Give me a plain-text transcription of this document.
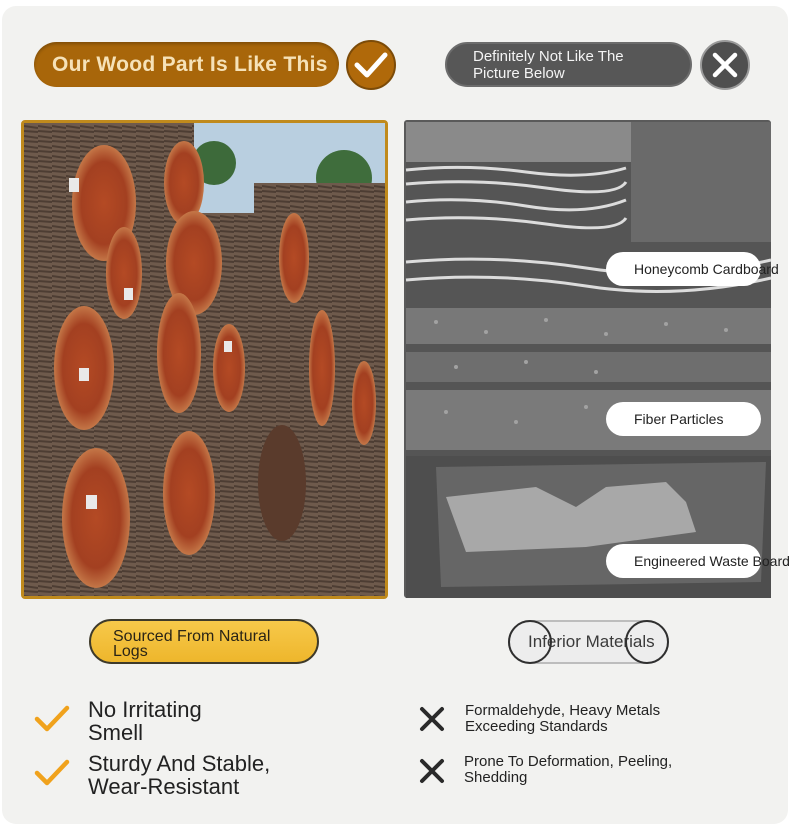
Our Wood Part Is Like This	Definitely Not Like The Picture Below
Honeycomb Cardboard
Fiber Particles
Engineered Waste Board
Sourced From Natural Logs
Inferior Materials
No Irritating
Smell
Sturdy And Stable,
Wear-Resistant
Formaldehyde, Heavy Metals
Exceeding Standards
Prone To Deformation, Peeling,
Shedding
